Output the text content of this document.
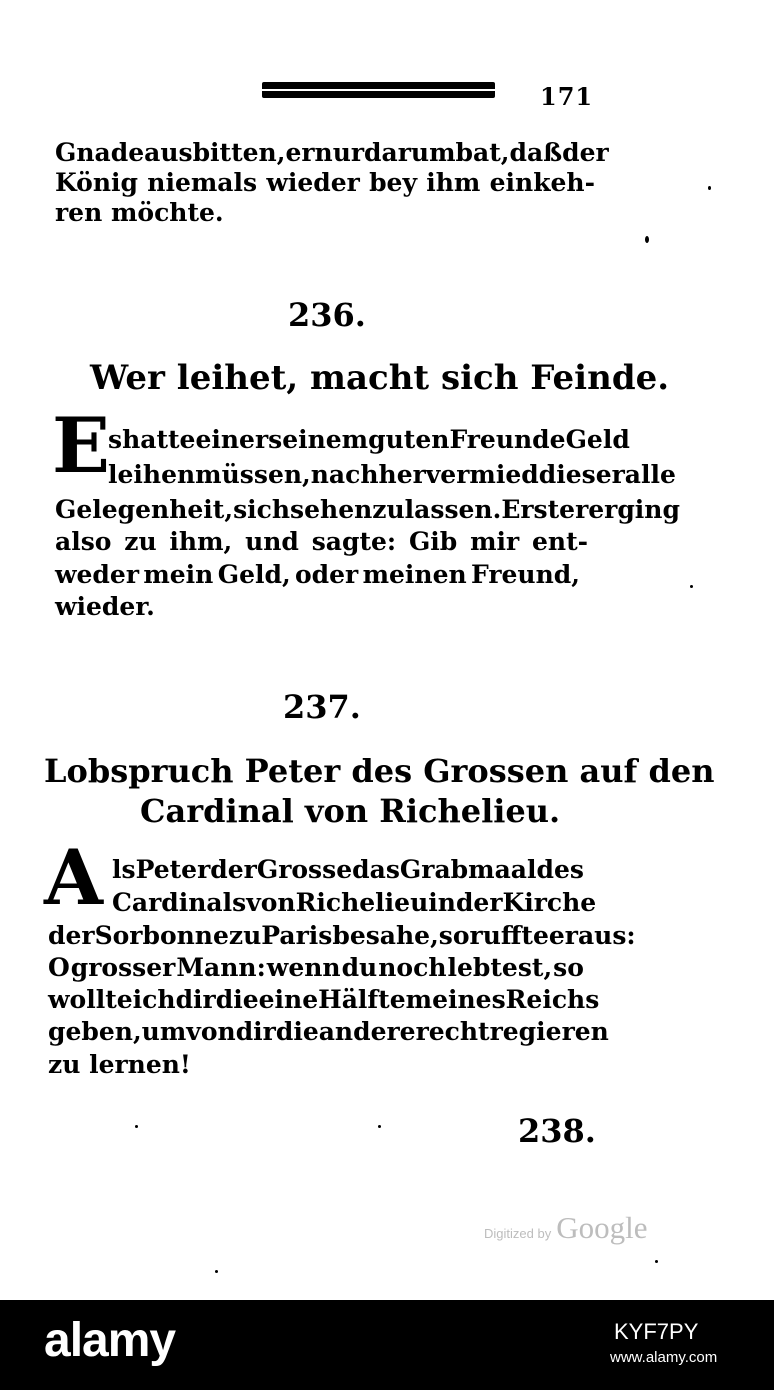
171
Gnade ausbitten, er nur darum bat, daß der
König niemals wieder bey ihm einkeh-
ren möchte.
236.
Wer leihet, macht sich Feinde.
E
s hatte einer seinem guten Freunde Geld
leihen müssen, nachher vermied dieser alle
Gelegenheit, sich sehen zu lassen. Ersterer ging
also zu ihm, und sagte: Gib mir ent-
weder mein Geld, oder meinen Freund,
wieder.
237.
Lobspruch Peter des Grossen auf den
Cardinal von Richelieu.
A ls Peter der Grosse das Grabmaal des
Cardinals von Richelieu in der Kirche
der Sorbonne zu Paris besahe, so ruffte er aus:
O grosser Mann: wenn du noch lebtest, so
wollte ich dir die eine Hälfte meines Reichs
geben, um von dir die andere recht regieren
zu lernen!
238.
Digitized by Google
alamy	KYF7PY
www.alamy.com
